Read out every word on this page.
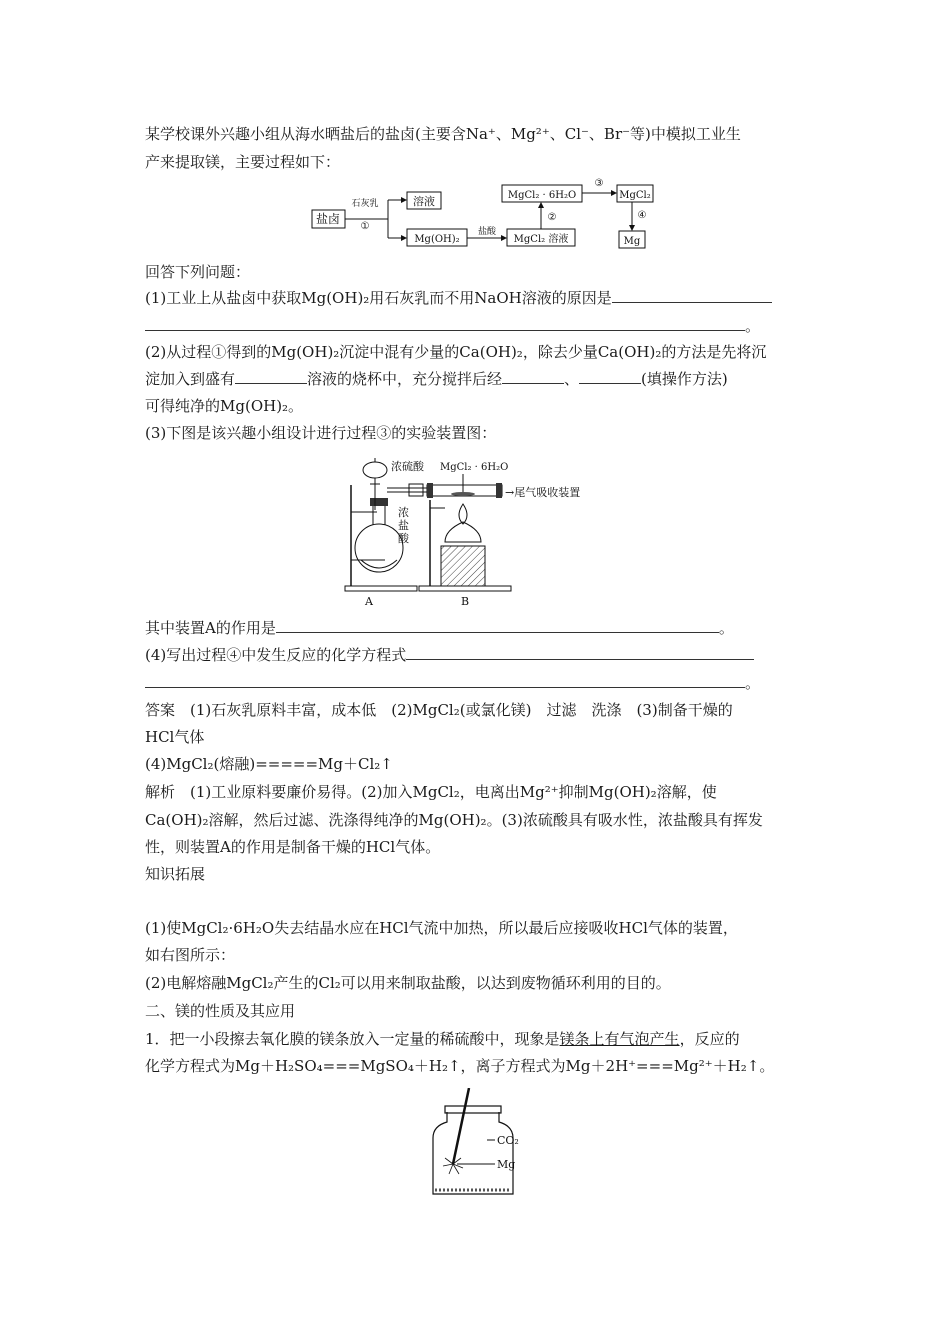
某学校课外兴趣小组从海水晒盐后的盐卤(主要含Na⁺、Mg²⁺、Cl⁻、Br⁻等)中模拟工业生
产来提取镁，主要过程如下：
盐卤
石灰乳
①
溶液
Mg(OH)₂
盐酸
MgCl₂ 溶液
②
MgCl₂ · 6H₂O
③
MgCl₂
④
Mg
回答下列问题：
(1)工业上从盐卤中获取Mg(OH)₂用石灰乳而不用NaOH溶液的原因是
。
(2)从过程①得到的Mg(OH)₂沉淀中混有少量的Ca(OH)₂，除去少量Ca(OH)₂的方法是先将沉
淀加入到盛有	溶液的烧杯中，充分搅拌后经	、	(填操作方法)
可得纯净的Mg(OH)₂。
(3)下图是该兴趣小组设计进行过程③的实验装置图：
浓硫酸
浓
盐
酸
MgCl₂ · 6H₂O
→尾气吸收装置
A	B
其中装置A的作用是	。
(4)写出过程④中发生反应的化学方程式
。
答案　(1)石灰乳原料丰富，成本低　(2)MgCl₂(或氯化镁)　过滤　洗涤　(3)制备干燥的
HCl气体
(4)MgCl₂(熔融)=====Mg＋Cl₂↑
解析　(1)工业原料要廉价易得。(2)加入MgCl₂，电离出Mg²⁺抑制Mg(OH)₂溶解，使
Ca(OH)₂溶解，然后过滤、洗涤得纯净的Mg(OH)₂。(3)浓硫酸具有吸水性，浓盐酸具有挥发
性，则装置A的作用是制备干燥的HCl气体。
知识拓展
(1)使MgCl₂·6H₂O失去结晶水应在HCl气流中加热，所以最后应接吸收HCl气体的装置，
如右图所示：
(2)电解熔融MgCl₂产生的Cl₂可以用来制取盐酸，以达到废物循环利用的目的。
二、镁的性质及其应用
1．把一小段擦去氧化膜的镁条放入一定量的稀硫酸中，现象是镁条上有气泡产生，反应的
化学方程式为Mg＋H₂SO₄===MgSO₄＋H₂↑，离子方程式为Mg＋2H⁺===Mg²⁺＋H₂↑。
CO₂
Mg
